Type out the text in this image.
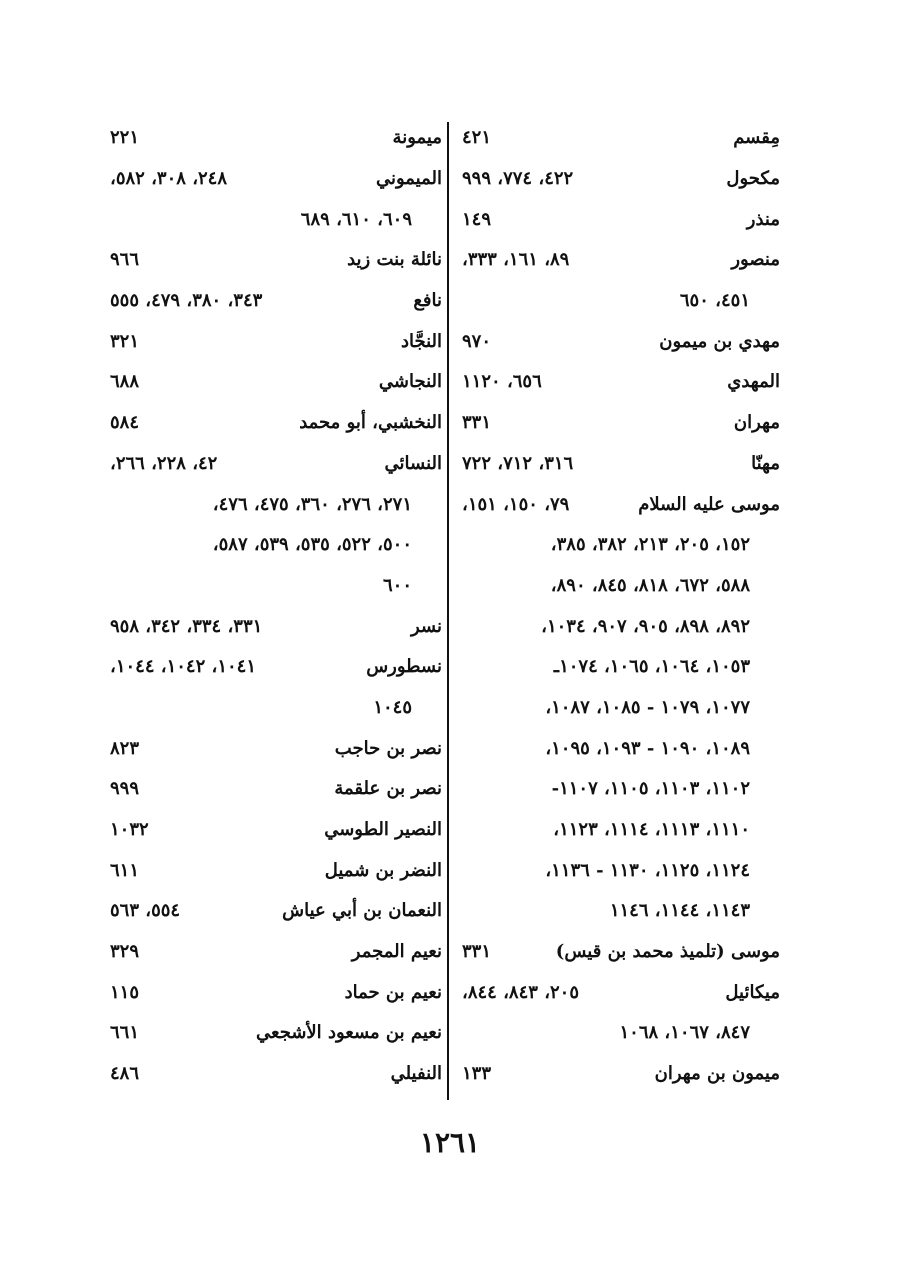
مِقسم
٤٢١
مكحول
٤٢٢، ٧٧٤، ٩٩٩
منذر
١٤٩
منصور
٨٩، ١٦١، ٣٣٣،
٤٥١، ٦٥٠
مهدي بن ميمون
٩٧٠
المهدي
٦٥٦، ١١٢٠
مهران
٣٣١
مهنّا
٣١٦، ٧١٢، ٧٢٢
موسى عليه السلام
٧٩، ١٥٠، ١٥١،
١٥٢، ٢٠٥، ٢١٣، ٣٨٢، ٣٨٥،
٥٨٨، ٦٧٢، ٨١٨، ٨٤٥، ٨٩٠،
٨٩٢، ٨٩٨، ٩٠٥، ٩٠٧، ١٠٣٤،
١٠٥٣، ١٠٦٤، ١٠٦٥، ١٠٧٤ـ
١٠٧٧، ١٠٧٩ - ١٠٨٥، ١٠٨٧،
١٠٨٩، ١٠٩٠ - ١٠٩٣، ١٠٩٥،
١١٠٢، ١١٠٣، ١١٠٥، ١١٠٧-
١١١٠، ١١١٣، ١١١٤، ١١٢٣،
١١٢٤، ١١٢٥، ١١٣٠ - ١١٣٦،
١١٤٣، ١١٤٤، ١١٤٦
موسى (تلميذ محمد بن قيس)
٣٣١
ميكائيل
٢٠٥، ٨٤٣، ٨٤٤،
٨٤٧، ١٠٦٧، ١٠٦٨
ميمون بن مهران
١٣٣
ميمونة
٢٢١
الميموني
٢٤٨، ٣٠٨، ٥٨٢،
٦٠٩، ٦١٠، ٦٨٩
نائلة بنت زيد
٩٦٦
نافع
٣٤٣، ٣٨٠، ٤٧٩، ٥٥٥
النجَّاد
٣٢١
النجاشي
٦٨٨
النخشبي، أبو محمد
٥٨٤
النسائي
٤٢، ٢٢٨، ٢٦٦،
٢٧١، ٢٧٦، ٣٦٠، ٤٧٥، ٤٧٦،
٥٠٠، ٥٢٢، ٥٣٥، ٥٣٩، ٥٨٧،
٦٠٠
نسر
٣٣١، ٣٣٤، ٣٤٢، ٩٥٨
نسطورس
١٠٤١، ١٠٤٢، ١٠٤٤،
١٠٤٥
نصر بن حاجب
٨٢٣
نصر بن علقمة
٩٩٩
النصير الطوسي
١٠٣٢
النضر بن شميل
٦١١
النعمان بن أبي عياش
٥٥٤، ٥٦٣
نعيم المجمر
٣٢٩
نعيم بن حماد
١١٥
نعيم بن مسعود الأشجعي
٦٦١
النفيلي
٤٨٦
١٢٦١
